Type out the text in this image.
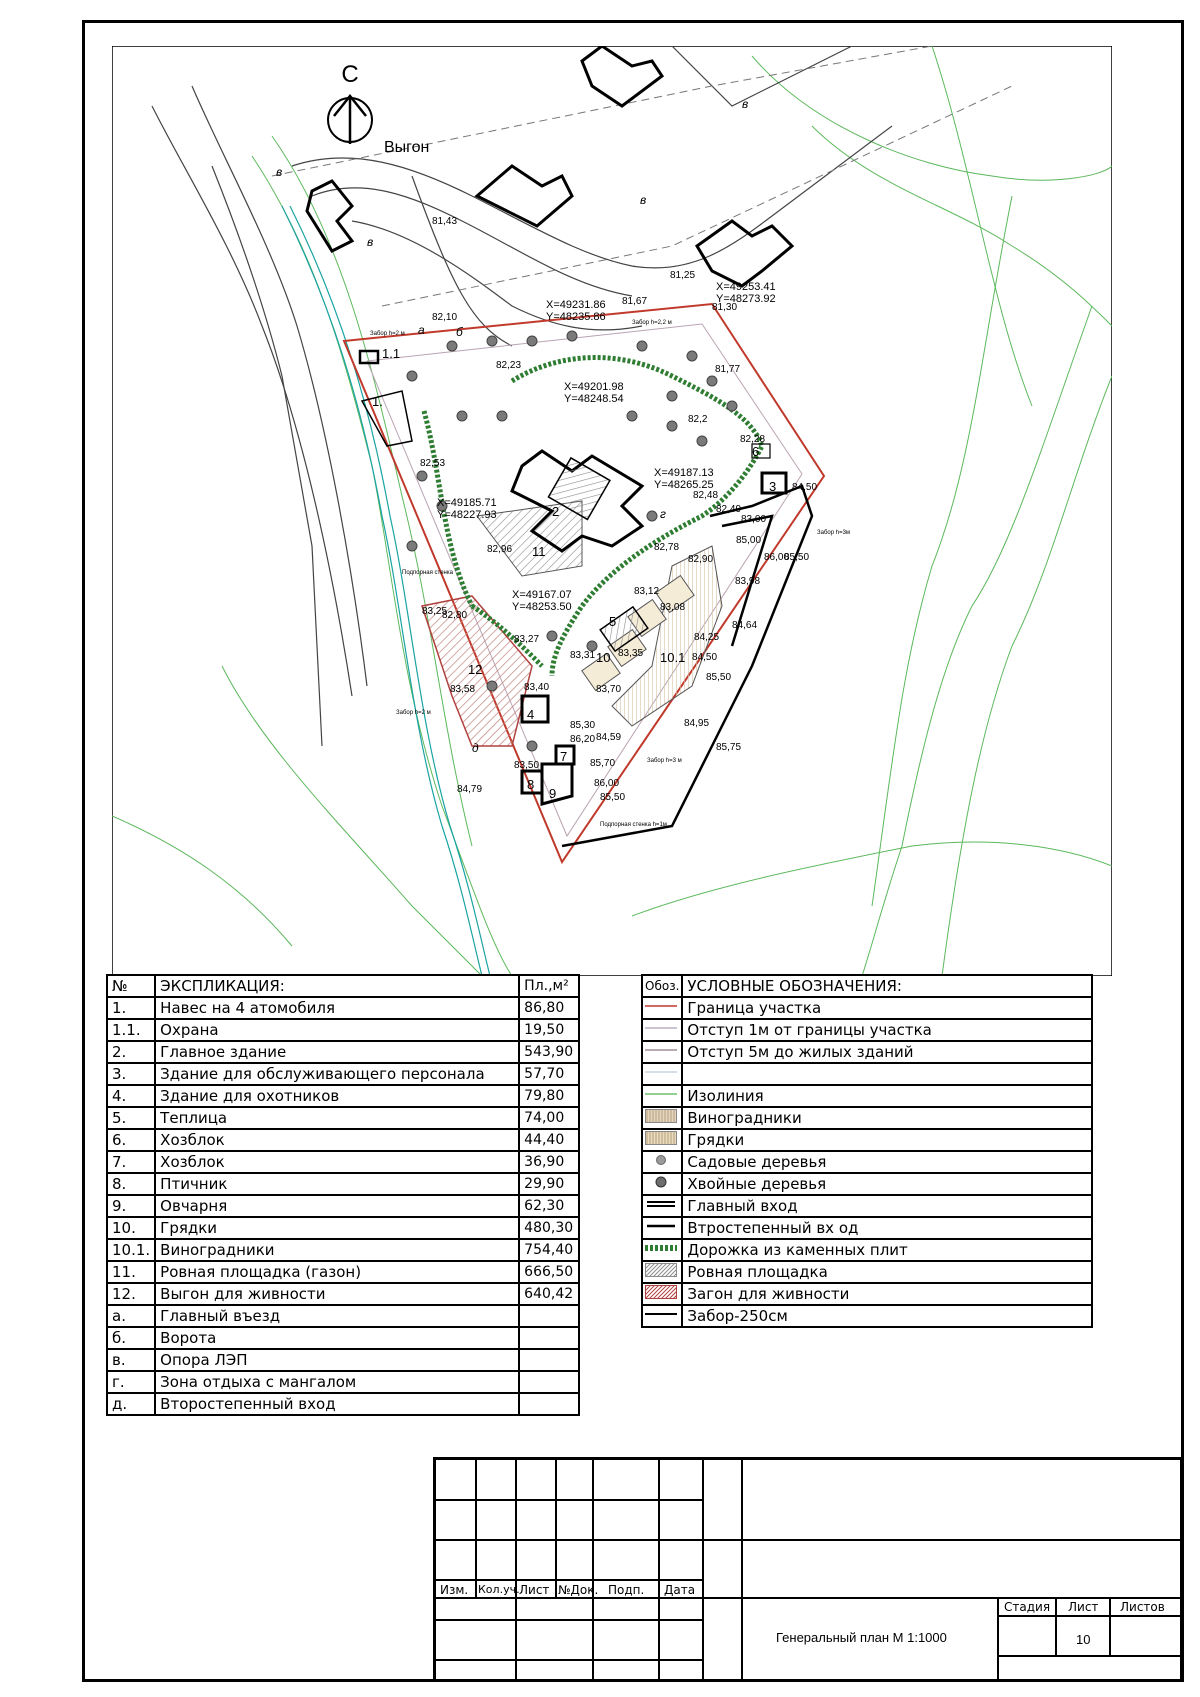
С
Выгон
1.
1.1
2
3
4
5
6
7
8
9
10	10.1
11
12
а	б
в
в
в
в
г
д
81,43
82,10
81,67
81,25
81,30
81,77
82,23
82,53
82,2
82,28
84,50
82,48
82,49
83,00
82,96	82,78
82,90
85,00
86,00
85,50
83,98
83,12
83,08
82,80
83,25
83,27
83,31 83,35
84,25
84,64
84,50
85,50
83,40	83,70
83,58
84,59
84,95
85,75
85,30
86,20
83,50	85,70
86,00
85,50
84,79
X=49253.41
Y=48273.92
X=49231.86
Y=48235.86
X=49201.98
Y=48248.54
X=49187.13
Y=48265.25
X=49185.71
Y=48227.93
X=49167.07
Y=48253.50
Забор h=2 м
Забор h=2,2 м
Забор h=3м
Забор h=2 м
Забор h=3 м
Подпорная стенка
Подпорная стенка h=1м
№	ЭКСПЛИКАЦИЯ:	Пл.,м²
1.	Навес на 4 атомобиля	86,80
1.1.	Охрана	19,50
2.	Главное здание	543,90
3.	Здание для обслуживающего персонала	57,70
4.	Здание для охотников	79,80
5.	Теплица	74,00
6.	Хозблок	44,40
7.	Хозблок	36,90
8.	Птичник	29,90
9.	Овчарня	62,30
10.	Грядки	480,30
10.1.	Виноградники	754,40
11.	Ровная площадка (газон)	666,50
12.	Выгон для живности	640,42
а.	Главный въезд	
б.	Ворота	
в.	Опора ЛЭП	
г.	Зона отдыха с мангалом	
д.	Второстепенный вход	
Обоз.	УСЛОВНЫЕ ОБОЗНАЧЕНИЯ:
	Граница участка
	Отступ 1м от границы участка
	Отступ 5м до жилых зданий

	Изолиния
	Виноградники
	Грядки
	Садовые деревья
	Хвойные деревья
	Главный вход
	Втростепенный вх од
	Дорожка из каменных плит
	Ровная площадка
	Загон для живности
	Забор-250см
Изм. Кол.уч. Лист №Док. Подп. Дата
Генеральный план М 1:1000
Стадия Лист Листов
10
